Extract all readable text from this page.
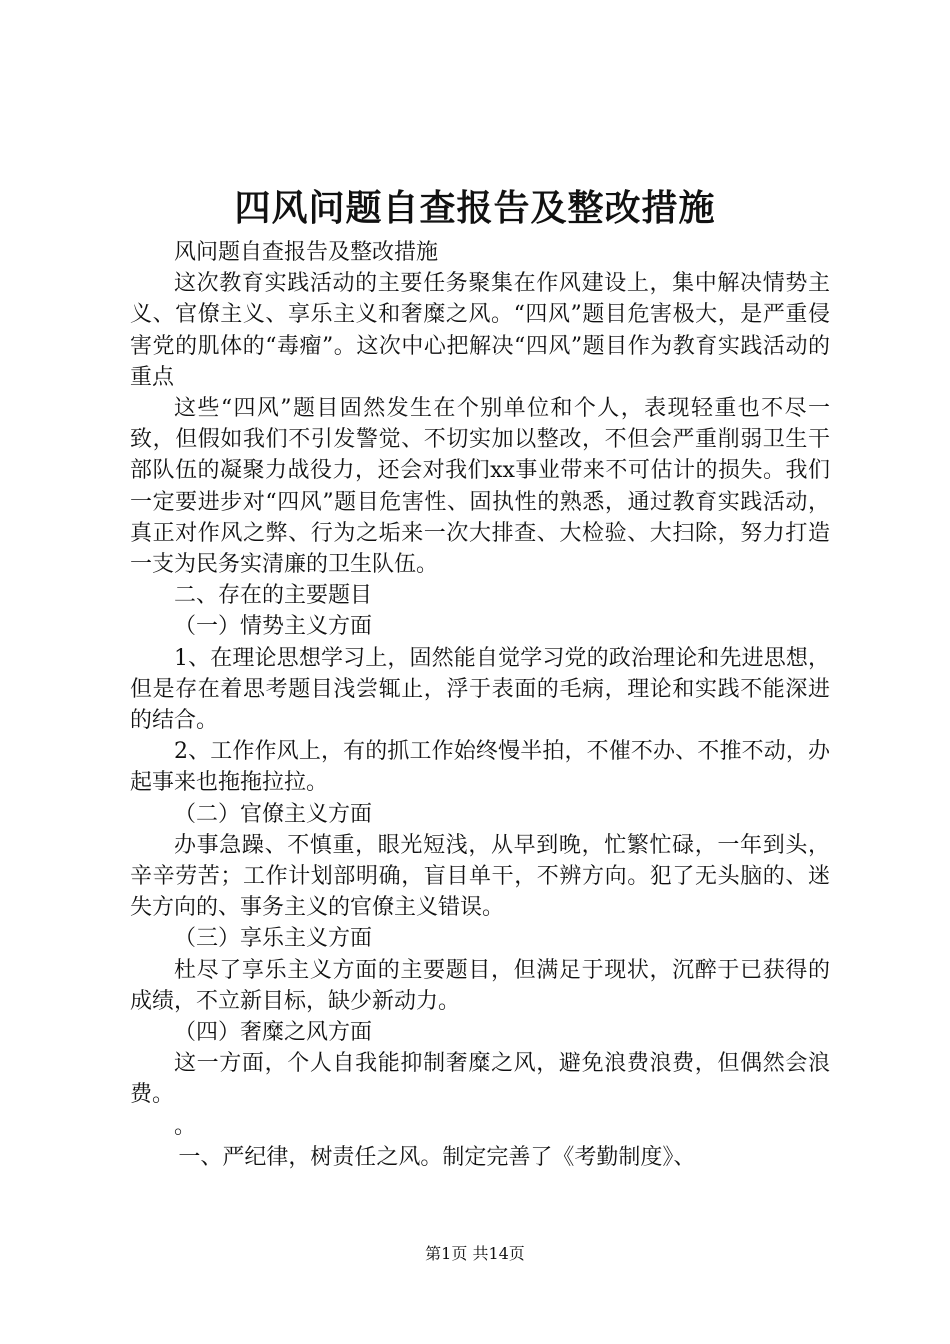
四风问题自查报告及整改措施

风问题自查报告及整改措施

这次教育实践活动的主要任务聚集在作风建设上，集中解决情势主义、官僚主义、享乐主义和奢糜之风。“四风”题目危害极大，是严重侵害党的肌体的“毒瘤”。这次中心把解决“四风”题目作为教育实践活动的重点

这些“四风”题目固然发生在个别单位和个人，表现轻重也不尽一致，但假如我们不引发警觉、不切实加以整改，不但会严重削弱卫生干部队伍的凝聚力战役力，还会对我们xx事业带来不可估计的损失。我们一定要进步对“四风”题目危害性、固执性的熟悉，通过教育实践活动，真正对作风之弊、行为之垢来一次大排查、大检验、大扫除，努力打造一支为民务实清廉的卫生队伍。

二、存在的主要题目

（一）情势主义方面

1、在理论思想学习上，固然能自觉学习党的政治理论和先进思想，但是存在着思考题目浅尝辄止，浮于表面的毛病，理论和实践不能深进的结合。

2、工作作风上，有的抓工作始终慢半拍，不催不办、不推不动，办起事来也拖拖拉拉。

（二）官僚主义方面

办事急躁、不慎重，眼光短浅，从早到晚，忙繁忙碌，一年到头，辛辛劳苦；工作计划部明确，盲目单干，不辨方向。犯了无头脑的、迷失方向的、事务主义的官僚主义错误。

（三）享乐主义方面

杜尽了享乐主义方面的主要题目，但满足于现状，沉醉于已获得的成绩，不立新目标，缺少新动力。

（四）奢糜之风方面

这一方面，个人自我能抑制奢糜之风，避免浪费浪费，但偶然会浪费。

。

一、严纪律，树责任之风。制定完善了《考勤制度》、

第1页 共14页
